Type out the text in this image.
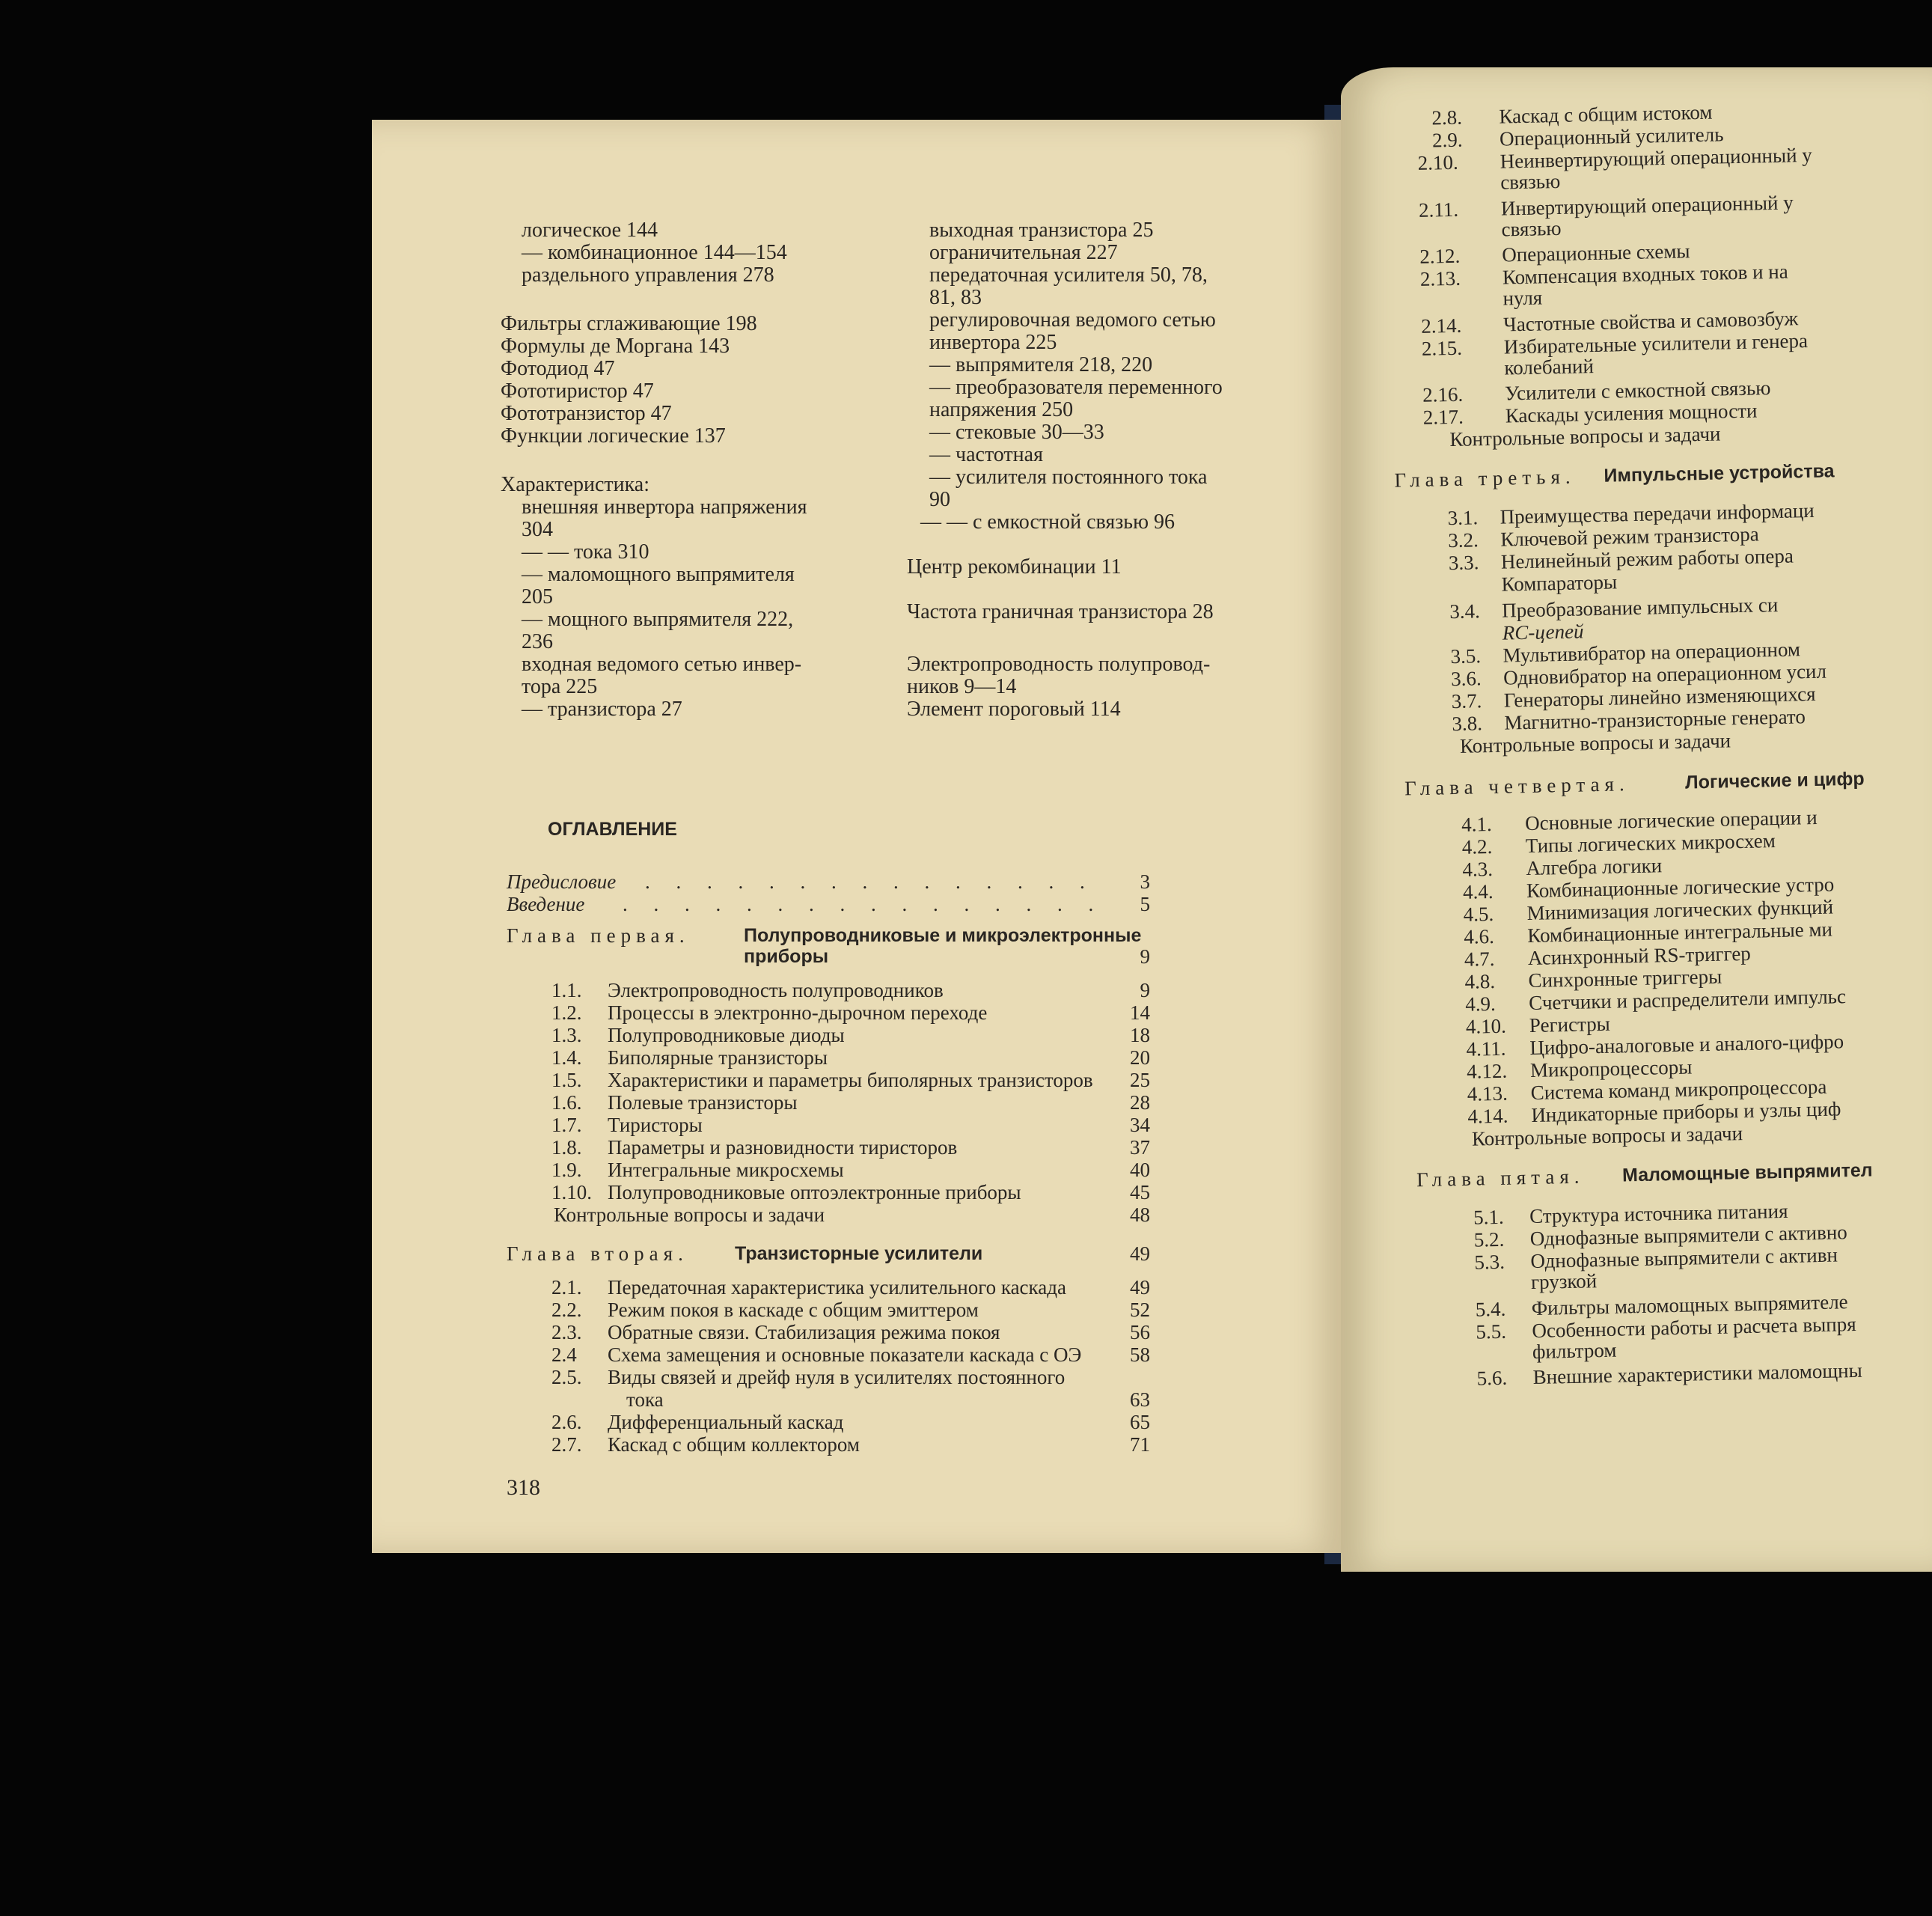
логическое 144
— комбинационное 144—154
раздельного управления 278
Фильтры сглаживающие 198
Формулы де Моргана 143
Фотодиод 47
Фототиристор 47
Фототранзистор 47
Функции логические 137
Характеристика:
внешняя инвертора напряжения
304
— — тока 310
— маломощного выпрямителя
205
— мощного выпрямителя 222,
236
входная ведомого сетью инвер-
тора 225
— транзистора 27
выходная транзистора 25
ограничительная 227
передаточная усилителя 50, 78,
81, 83
регулировочная ведомого сетью
инвертора 225
— выпрямителя 218, 220
— преобразователя переменного
напряжения 250
— стековые 30—33
— частотная
— усилителя постоянного тока
90
— — с емкостной связью 96
Центр рекомбинации 11
Частота граничная транзистора 28
Электропроводность полупровод-
ников 9—14
Элемент пороговый 114
ОГЛАВЛЕНИЕ
Предисловие . . . . . . . . . . . . . . .	3
Введение . . . . . . . . . . . . . . . .	5
Глава первая.	Полупроводниковые и микроэлектронные
приборы	9
1.1. Электропроводность полупроводников	9
1.2. Процессы в электронно-дырочном переходе	14
1.3. Полупроводниковые диоды	18
1.4. Биполярные транзисторы	20
1.5. Характеристики и параметры биполярных транзисторов	25
1.6. Полевые транзисторы	28
1.7. Тиристоры	34
1.8. Параметры и разновидности тиристоров	37
1.9. Интегральные микросхемы	40
1.10. Полупроводниковые оптоэлектронные приборы	45
Контрольные вопросы и задачи	48
Глава вторая. Транзисторные усилители	49
2.1. Передаточная характеристика усилительного каскада	49
2.2. Режим покоя в каскаде с общим эмиттером	52
2.3. Обратные связи. Стабилизация режима покоя	56
2.4 Схема замещения и основные показатели каскада с ОЭ	58
2.5. Виды связей и дрейф нуля в усилителях постоянного
тока	63
2.6. Дифференциальный каскад	65
2.7. Каскад с общим коллектором	71
318
2.8. Каскад с общим истоком
2.9. Операционный усилитель
2.10. Неинвертирующий операционный у
связью
2.11. Инвертирующий операционный у
связью
2.12. Операционные схемы
2.13. Компенсация входных токов и на
нуля
2.14. Частотные свойства и самовозбуж
2.15. Избирательные усилители и генера
колебаний
2.16. Усилители с емкостной связью
2.17. Каскады усиления мощности
Контрольные вопросы и задачи
Глава третья. Импульсные устройства
3.1. Преимущества передачи информаци
3.2. Ключевой режим транзистора
3.3. Нелинейный режим работы опера
Компараторы
3.4. Преобразование импульсных си
RC-цепей
3.5. Мультивибратор на операционном
3.6. Одновибратор на операционном усил
3.7. Генераторы линейно изменяющихся
3.8. Магнитно-транзисторные генерато
Контрольные вопросы и задачи
Глава четвертая.	Логические и цифр
4.1. Основные логические операции и
4.2. Типы логических микросхем
4.3. Алгебра логики
4.4. Комбинационные логические устро
4.5. Минимизация логических функций
4.6. Комбинационные интегральные ми
4.7. Асинхронный RS-триггер
4.8. Синхронные триггеры
4.9. Счетчики и распределители импульс
4.10. Регистры
4.11. Цифро-аналоговые и аналого-цифро
4.12. Микропроцессоры
4.13. Система команд микропроцессора
4.14. Индикаторные приборы и узлы циф
Контрольные вопросы и задачи
Глава пятая. Маломощные выпрямител
5.1. Структура источника питания
5.2. Однофазные выпрямители с активно
5.3. Однофазные выпрямители с активн
грузкой
5.4. Фильтры маломощных выпрямителе
5.5. Особенности работы и расчета выпря
фильтром
5.6. Внешние характеристики маломощны
